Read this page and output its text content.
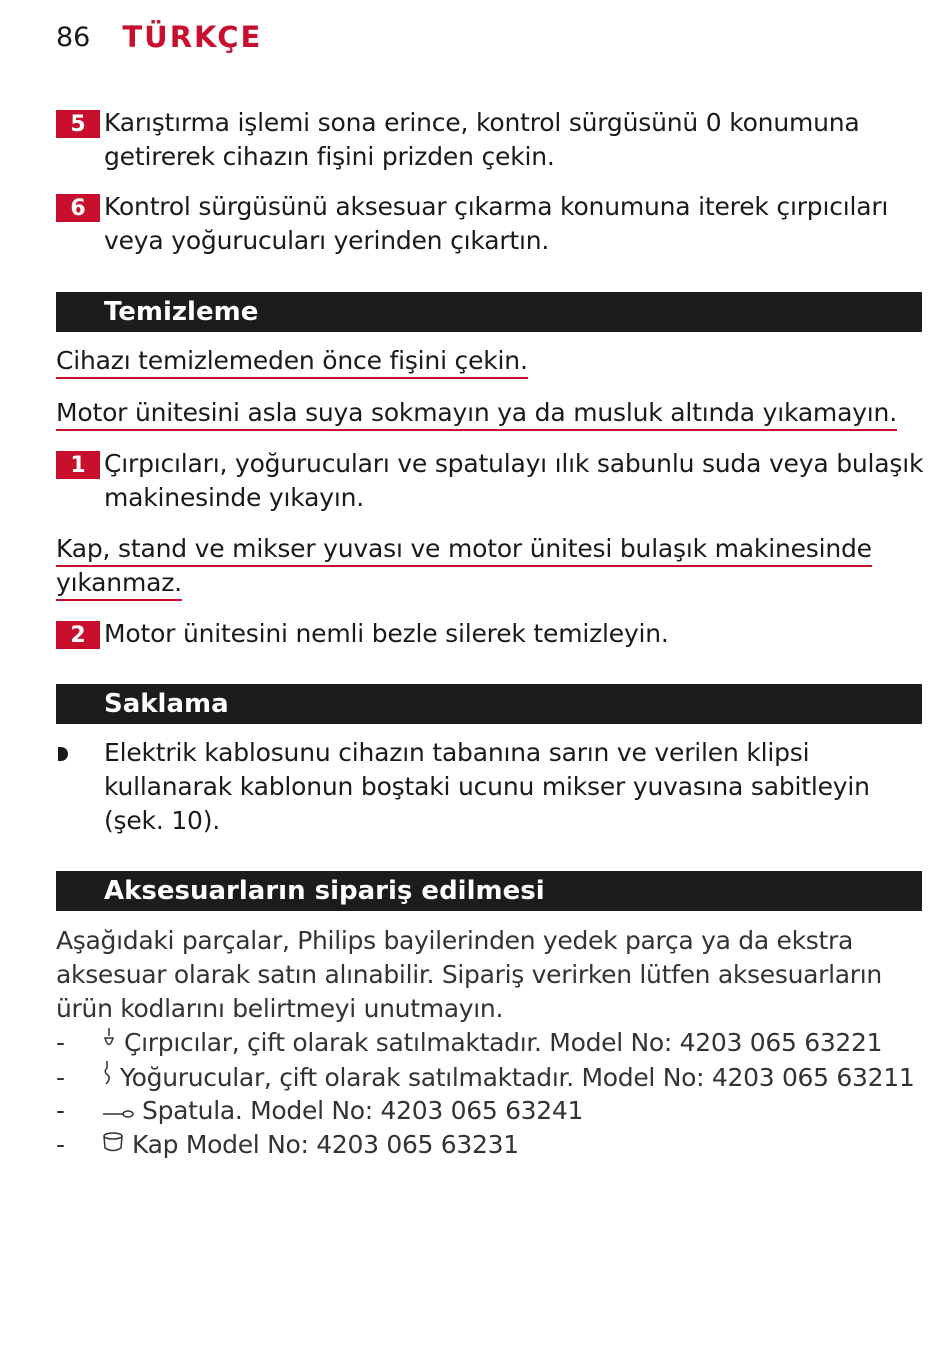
86 TÜRKÇE
5 Karıştırma işlemi sona erince, kontrol sürgüsünü 0 konumuna getirerek cihazın fişini prizden çekin.
6 Kontrol sürgüsünü aksesuar çıkarma konumuna iterek çırpıcıları veya yoğurucuları yerinden çıkartın.
Temizleme
Cihazı temizlemeden önce fişini çekin.
Motor ünitesini asla suya sokmayın ya da musluk altında yıkamayın.
1 Çırpıcıları, yoğurucuları ve spatulayı ılık sabunlu suda veya bulaşık makinesinde yıkayın.
Kap, stand ve mikser yuvası ve motor ünitesi bulaşık makinesinde
yıkanmaz.
2 Motor ünitesini nemli bezle silerek temizleyin.
Saklama
Elektrik kablosunu cihazın tabanına sarın ve verilen klipsi kullanarak kablonun boştaki ucunu mikser yuvasına sabitleyin (şek. 10).
Aksesuarların sipariş edilmesi
Aşağıdaki parçalar, Philips bayilerinden yedek parça ya da ekstra aksesuar olarak satın alınabilir. Sipariş verirken lütfen aksesuarların ürün kodlarını belirtmeyi unutmayın.
-	Çırpıcılar, çift olarak satılmaktadır. Model No: 4203 065 63221
-	Yoğurucular, çift olarak satılmaktadır. Model No: 4203 065 63211
-	Spatula. Model No: 4203 065 63241
-	Kap Model No: 4203 065 63231
